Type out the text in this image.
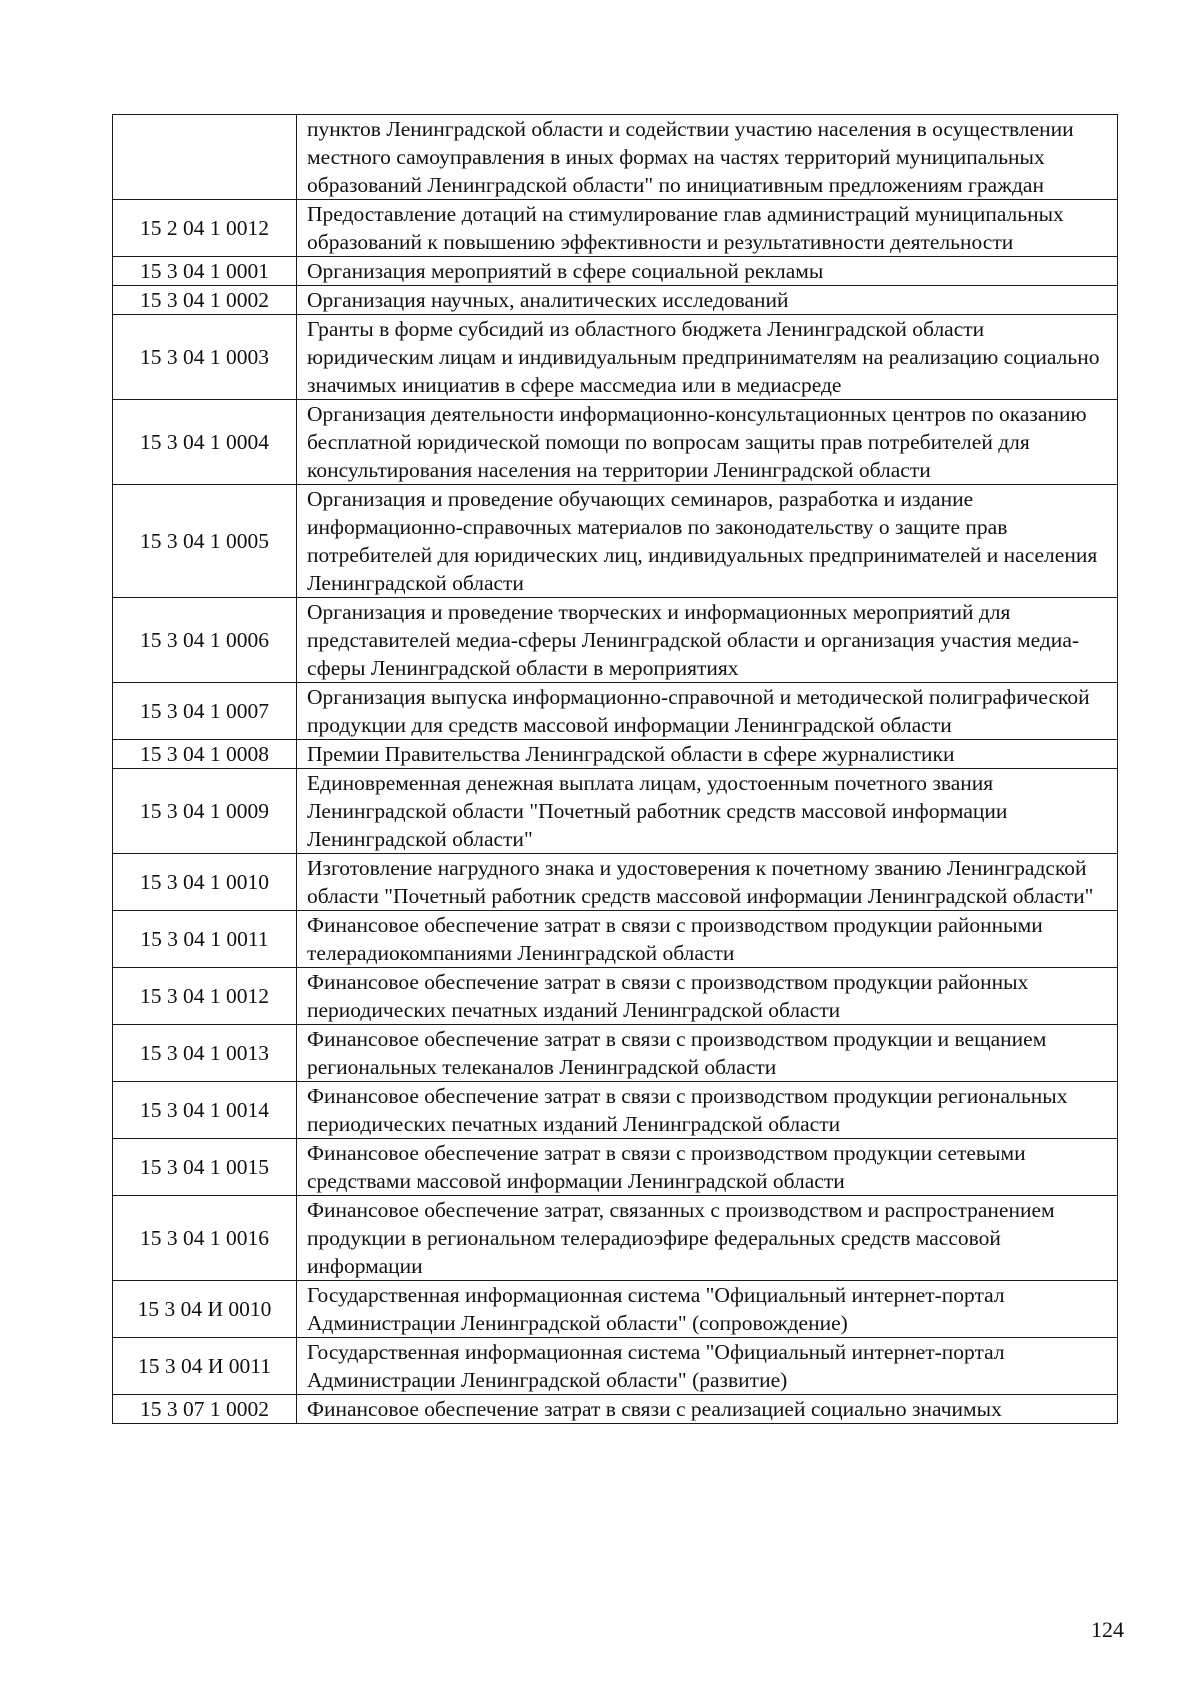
	пунктов Ленинградской области и содействии участию населения в осуществлении местного самоуправления в иных формах на частях территорий муниципальных образований Ленинградской области" по инициативным предложениям граждан
15 2 04 1 0012	Предоставление дотаций на стимулирование глав администраций муниципальных образований к повышению эффективности и результативности деятельности
15 3 04 1 0001	Организация мероприятий в сфере социальной рекламы
15 3 04 1 0002	Организация научных, аналитических исследований
15 3 04 1 0003	Гранты в форме субсидий из областного бюджета Ленинградской области юридическим лицам и индивидуальным предпринимателям на реализацию социально значимых инициатив в сфере массмедиа или в медиасреде
15 3 04 1 0004	Организация деятельности информационно-консультационных центров по оказанию бесплатной юридической помощи по вопросам защиты прав потребителей для консультирования населения на территории Ленинградской области
15 3 04 1 0005	Организация и проведение обучающих семинаров, разработка и издание информационно-справочных материалов по законодательству о защите прав потребителей для юридических лиц, индивидуальных предпринимателей и населения Ленинградской области
15 3 04 1 0006	Организация и проведение творческих и информационных мероприятий для представителей медиа-сферы Ленинградской области и организация участия медиа-сферы Ленинградской области в мероприятиях
15 3 04 1 0007	Организация выпуска информационно-справочной и методической полиграфической продукции для средств массовой информации Ленинградской области
15 3 04 1 0008	Премии Правительства Ленинградской области в сфере журналистики
15 3 04 1 0009	Единовременная денежная выплата лицам, удостоенным почетного звания Ленинградской области "Почетный работник средств массовой информации Ленинградской области"
15 3 04 1 0010	Изготовление нагрудного знака и удостоверения к почетному званию Ленинградской области "Почетный работник средств массовой информации Ленинградской области"
15 3 04 1 0011	Финансовое обеспечение затрат в связи с производством продукции районными телерадиокомпаниями Ленинградской области
15 3 04 1 0012	Финансовое обеспечение затрат в связи с производством продукции районных периодических печатных изданий Ленинградской области
15 3 04 1 0013	Финансовое обеспечение затрат в связи с производством продукции и вещанием региональных телеканалов Ленинградской области
15 3 04 1 0014	Финансовое обеспечение затрат в связи с производством продукции региональных периодических печатных изданий Ленинградской области
15 3 04 1 0015	Финансовое обеспечение затрат в связи с производством продукции сетевыми средствами массовой информации Ленинградской области
15 3 04 1 0016	Финансовое обеспечение затрат, связанных с производством и распространением продукции в региональном телерадиоэфире федеральных средств массовой информации
15 3 04 И 0010	Государственная информационная система "Официальный интернет-портал Администрации Ленинградской области" (сопровождение)
15 3 04 И 0011	Государственная информационная система "Официальный интернет-портал Администрации Ленинградской области" (развитие)
15 3 07 1 0002	Финансовое обеспечение затрат в связи с реализацией социально значимых
124
